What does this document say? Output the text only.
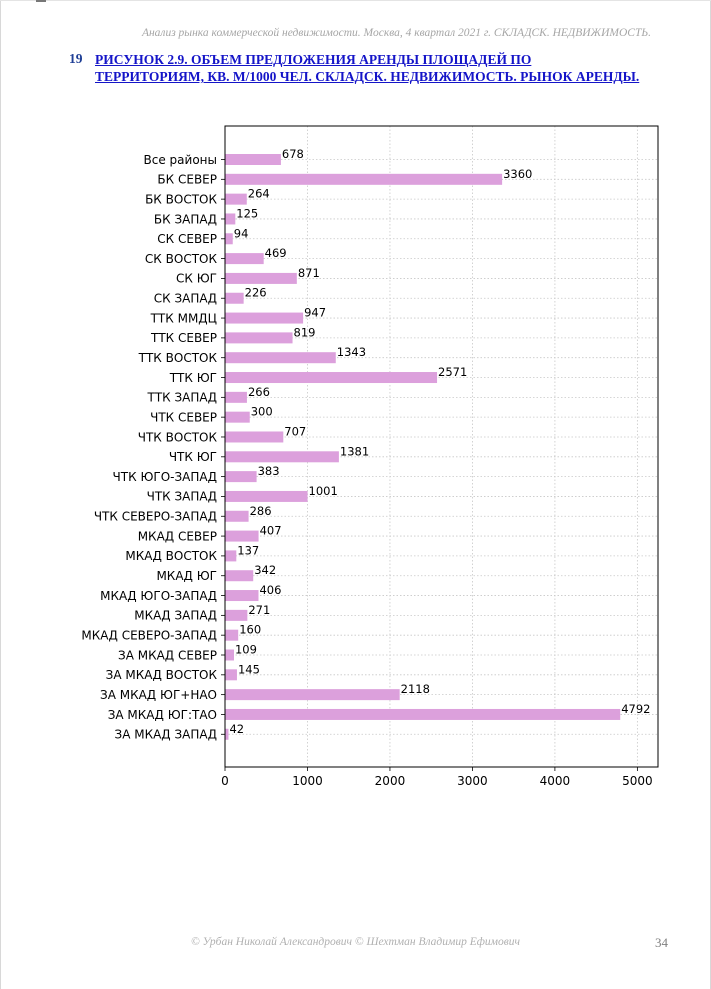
Анализ рынка коммерческой недвижимости. Москва, 4 квартал 2021 г. СКЛАДСК. НЕДВИЖИМОСТЬ.
19 РИСУНОК 2.9. ОБЪЕМ ПРЕДЛОЖЕНИЯ АРЕНДЫ ПЛОЩАДЕЙ ПО ТЕРРИТОРИЯМ, КВ. М/1000 ЧЕЛ. СКЛАДСК. НЕДВИЖИМОСТЬ. РЫНОК АРЕНДЫ.
Все районы	678
БК СЕВЕР	3360
БК ВОСТОК	264
БК ЗАПАД 125
СК СЕВЕР 94
СК ВОСТОК	469
СК ЮГ	871
СК ЗАПАД 226
ТТК ММДЦ	947
ТТК СЕВЕР	819
ТТК ВОСТОК	1343
ТТК ЮГ	2571
ТТК ЗАПАД	266
ЧТК СЕВЕР	300
ЧТК ВОСТОК	707
ЧТК ЮГ	1381
ЧТК ЮГО-ЗАПАД	383
ЧТК ЗАПАД	1001
ЧТК СЕВЕРО-ЗАПАД	286
МКАД СЕВЕР	407
МКАД ВОСТОК 137
МКАД ЮГ	342
МКАД ЮГО-ЗАПАД	406
МКАД ЗАПАД	271
МКАД СЕВЕРО-ЗАПАД 160
ЗА МКАД СЕВЕР 109
ЗА МКАД ВОСТОК 145
ЗА МКАД ЮГ+НАО	2118
ЗА МКАД ЮГ:ТАО	4792
ЗА МКАД ЗАПАД 42
0	1000	2000	3000	4000	5000
© Урбан Николай Александрович © Шехтман Владимир Ефимович	34
